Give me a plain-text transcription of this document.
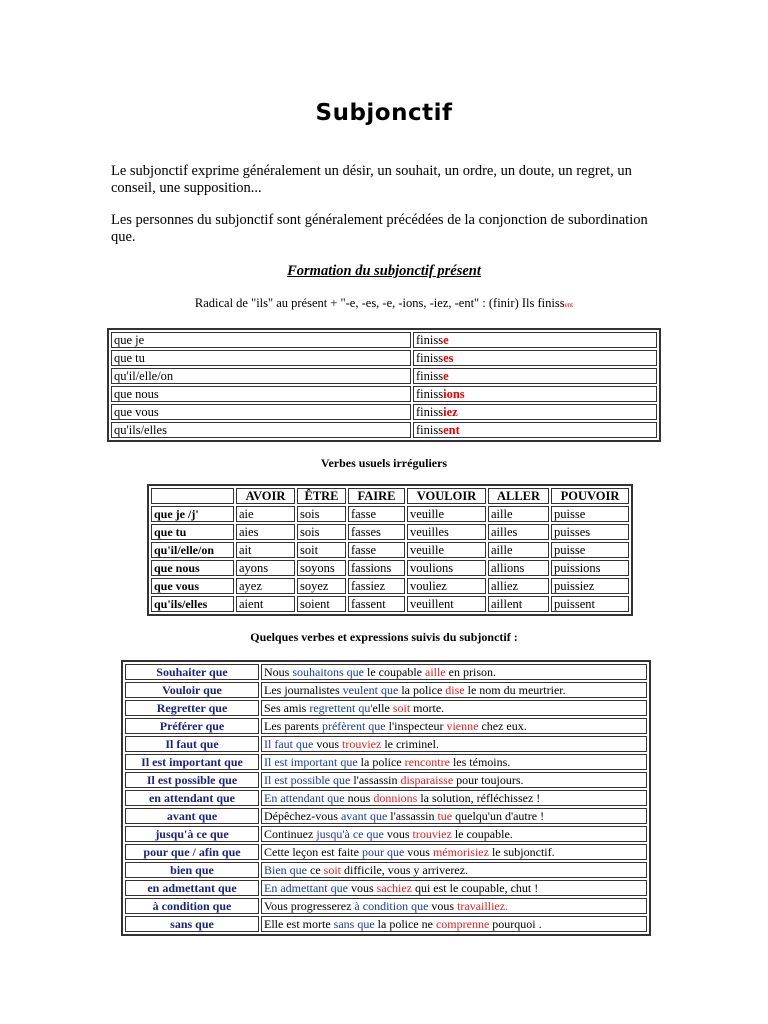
Subjonctif
Le subjonctif exprime généralement un désir, un souhait, un ordre, un doute, un regret, un conseil, une supposition...
Les personnes du subjonctif sont généralement précédées de la conjonction de subordination que.
Formation du subjonctif présent
Radical de "ils" au présent + "-e, -es, -e, -ions, -iez, -ent" : (finir) Ils finissent
que je	finisse
que tu	finisses
qu'il/elle/on	finisse
que nous	finissions
que vous	finissiez
qu'ils/elles	finissent
Verbes usuels irréguliers
	AVOIR	ÊTRE	FAIRE	VOULOIR	ALLER	POUVOIR
que je /j'	aie	sois	fasse	veuille	aille	puisse
que tu	aies	sois	fasses	veuilles	ailles	puisses
qu'il/elle/on	ait	soit	fasse	veuille	aille	puisse
que nous	ayons	soyons	fassions	voulions	allions	puissions
que vous	ayez	soyez	fassiez	vouliez	alliez	puissiez
qu'ils/elles	aient	soient	fassent	veuillent	aillent	puissent
Quelques verbes et expressions suivis du subjonctif :
Souhaiter que	Nous souhaitons que le coupable aille en prison.
Vouloir que	Les journalistes veulent que la police dise le nom du meurtrier.
Regretter que	Ses amis regrettent qu'elle soit morte.
Préférer que	Les parents préfèrent que l'inspecteur vienne chez eux.
Il faut que	Il faut que vous trouviez le criminel.
Il est important que	Il est important que la police rencontre les témoins.
Il est possible que	Il est possible que l'assassin disparaisse pour toujours.
en attendant que	En attendant que nous donnions la solution, réfléchissez !
avant que	Dépêchez-vous avant que l'assassin tue quelqu'un d'autre !
jusqu'à ce que	Continuez jusqu'à ce que vous trouviez le coupable.
pour que / afin que	Cette leçon est faite pour que vous mémorisiez le subjonctif.
bien que	Bien que ce soit difficile, vous y arriverez.
en admettant que	En admettant que vous sachiez qui est le coupable, chut !
à condition que	Vous progresserez à condition que vous travailliez.
sans que	Elle est morte sans que la police ne comprenne pourquoi .
